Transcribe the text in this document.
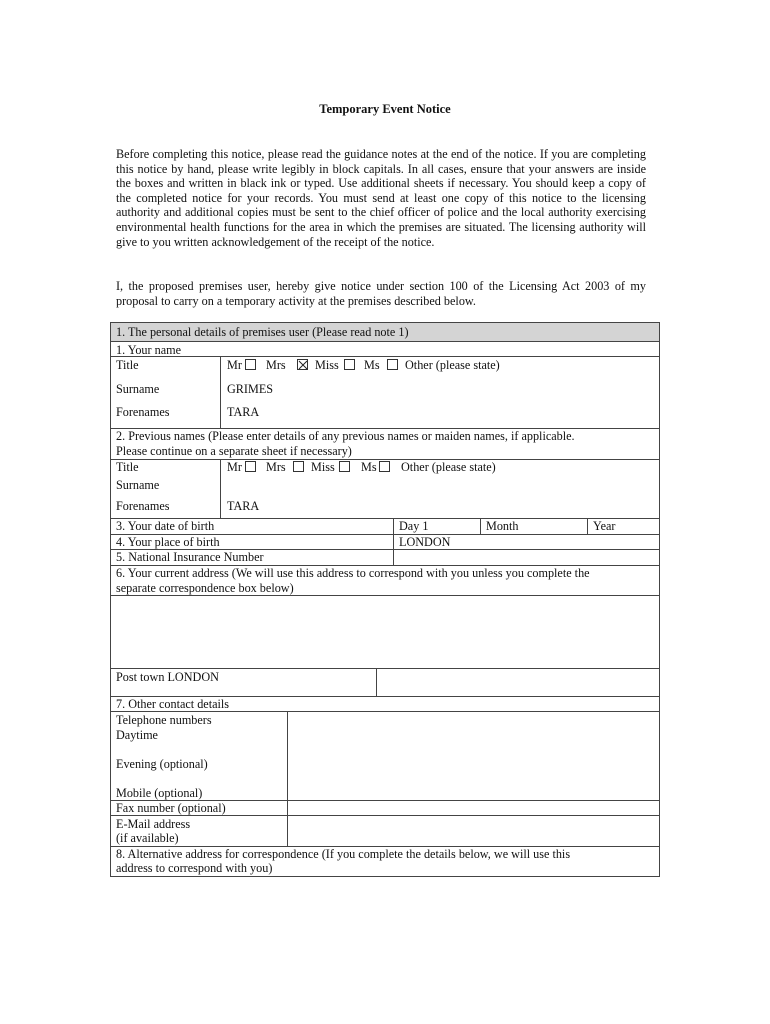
Temporary Event Notice

Before completing this notice, please read the guidance notes at the end of the notice. If you are completing this notice by hand, please write legibly in block capitals. In all cases, ensure that your answers are inside the boxes and written in black ink or typed. Use additional sheets if necessary. You should keep a copy of the completed notice for your records. You must send at least one copy of this notice to the licensing authority and additional copies must be sent to the chief officer of police and the local authority exercising environmental health functions for the area in which the premises are situated. The licensing authority will give to you written acknowledgement of the receipt of the notice.

I, the proposed premises user, hereby give notice under section 100 of the Licensing Act 2003 of my proposal to carry on a temporary activity at the premises described below.

1. The personal details of premises user (Please read note 1)
1. Your name
Title	Mr Mrs Miss Ms Other (please state)
Surname	GRIMES
Forenames	TARA
2. Previous names (Please enter details of any previous names or maiden names, if applicable.
Please continue on a separate sheet if necessary)
Title	Mr Mrs Miss Ms Other (please state)
Surname
Forenames	TARA
3. Your date of birth	Day 1	Month	Year
4. Your place of birth	LONDON
5. National Insurance Number
6. Your current address (We will use this address to correspond with you unless you complete the
separate correspondence box below)
Post town LONDON
7. Other contact details
Telephone numbers
Daytime
Evening (optional)
Mobile (optional)
Fax number (optional)
E-Mail address
(if available)
8. Alternative address for correspondence (If you complete the details below, we will use this
address to correspond with you)
